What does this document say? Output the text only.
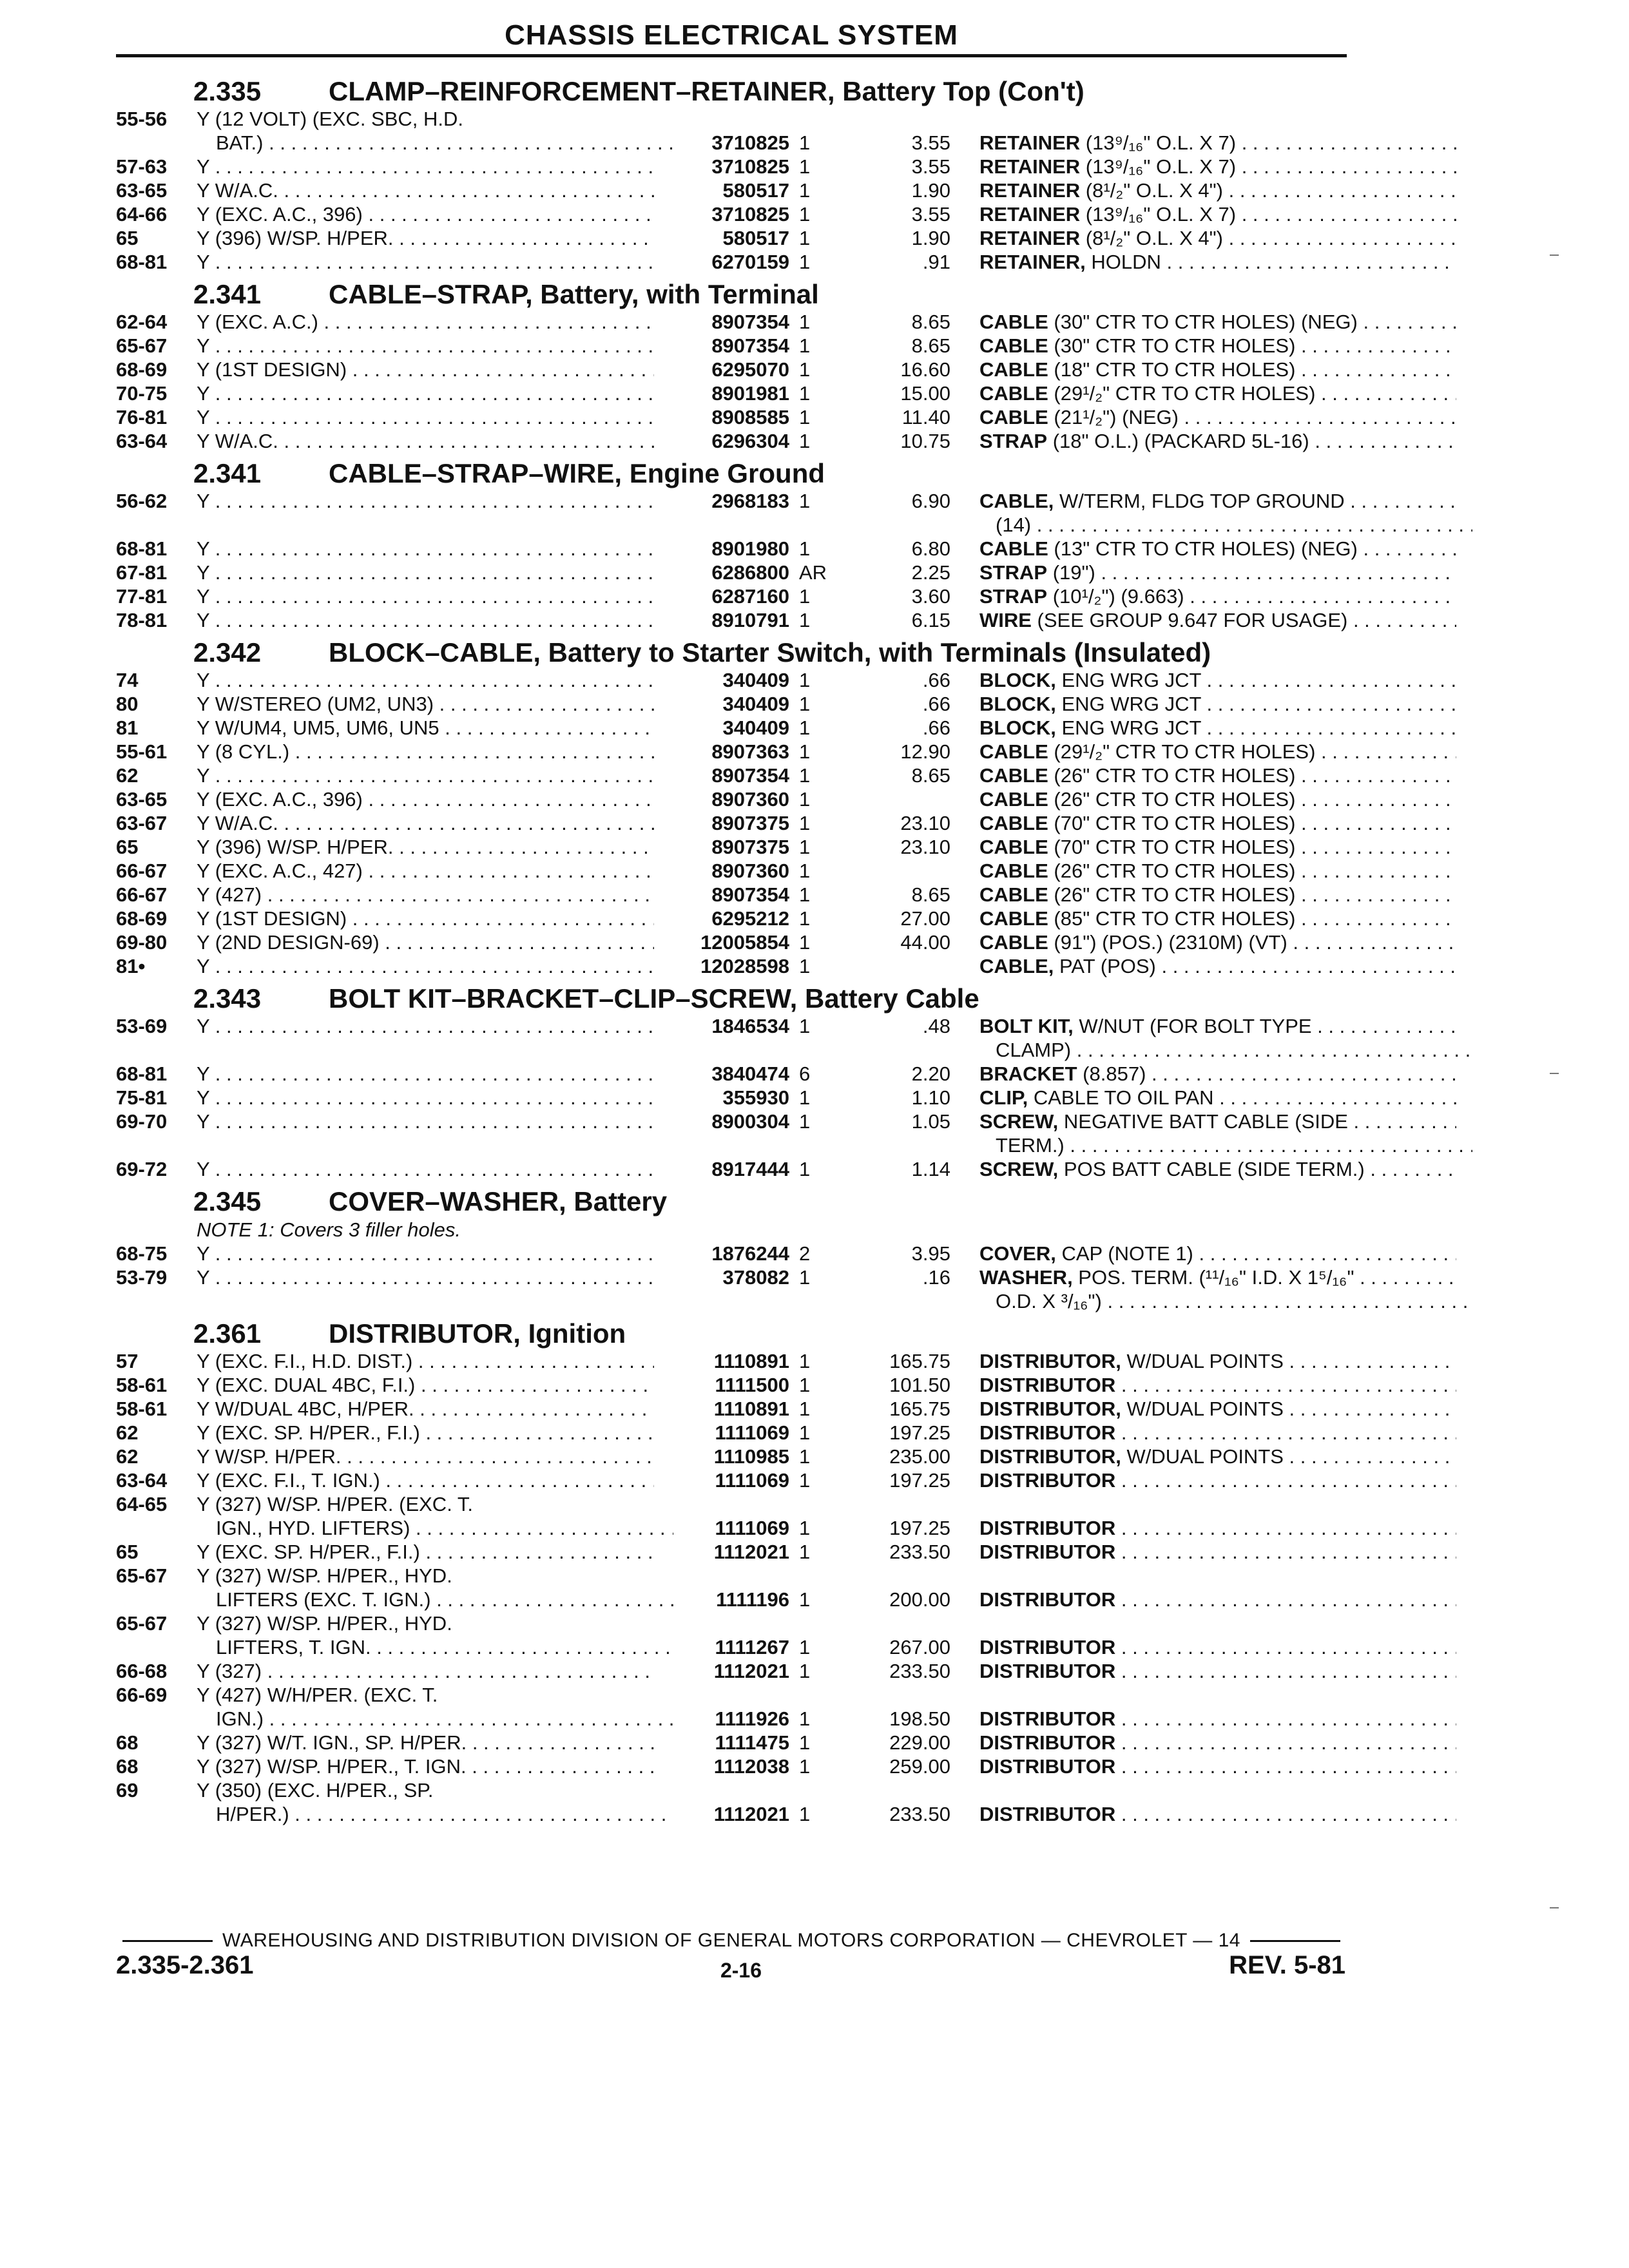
CHASSIS ELECTRICAL SYSTEM
2.335	CLAMP–REINFORCEMENT–RETAINER, Battery Top (Con't)
55-56 Y (12 VOLT) (EXC. SBC, H.D.
BAT.) . . .	3710825 1	3.55 RETAINER (13⁹/₁₆" O.L. X 7) . . .
57-63 Y . . .	3710825 1	3.55 RETAINER (13⁹/₁₆" O.L. X 7) . . .
63-65 Y W/A.C. . . .	580517 1	1.90 RETAINER (8¹/₂" O.L. X 4") . . .
64-66 Y (EXC. A.C., 396) . . .	3710825 1	3.55 RETAINER (13⁹/₁₆" O.L. X 7) . . .
65	Y (396) W/SP. H/PER. . . .	580517 1	1.90 RETAINER (8¹/₂" O.L. X 4") . . .
68-81 Y . . .	6270159 1	.91 RETAINER, HOLDN . . .
2.341	CABLE–STRAP, Battery, with Terminal
62-64 Y (EXC. A.C.) . . .	8907354 1	8.65 CABLE (30" CTR TO CTR HOLES) (NEG) . . .
65-67 Y . . .	8907354 1	8.65 CABLE (30" CTR TO CTR HOLES) . . .
68-69 Y (1ST DESIGN) . . .	6295070 1	16.60 CABLE (18" CTR TO CTR HOLES) . . .
70-75 Y . . .	8901981 1	15.00 CABLE (29¹/₂" CTR TO CTR HOLES) . . .
76-81 Y . . .	8908585 1	11.40 CABLE (21¹/₂") (NEG) . . .
63-64 Y W/A.C. . . .	6296304 1	10.75 STRAP (18" O.L.) (PACKARD 5L-16) . . .
2.341	CABLE–STRAP–WIRE, Engine Ground
56-62 Y . . .	2968183 1	6.90 CABLE, W/TERM, FLDG TOP GROUND . . .
(14) . . .
68-81 Y . . .	8901980 1	6.80 CABLE (13" CTR TO CTR HOLES) (NEG) . . .
67-81 Y . . .	6286800 AR	2.25 STRAP (19") . . .
77-81 Y . . .	6287160 1	3.60 STRAP (10¹/₂") (9.663) . . .
78-81 Y . . .	8910791 1	6.15 WIRE (SEE GROUP 9.647 FOR USAGE) . . .
2.342	BLOCK–CABLE, Battery to Starter Switch, with Terminals (Insulated)
74	Y . . .	340409 1	.66 BLOCK, ENG WRG JCT . . .
80	Y W/STEREO (UM2, UN3) . . .	340409 1	.66 BLOCK, ENG WRG JCT . . .
81	Y W/UM4, UM5, UM6, UN5 . . .	340409 1	.66 BLOCK, ENG WRG JCT . . .
55-61 Y (8 CYL.) . . .	8907363 1	12.90 CABLE (29¹/₂" CTR TO CTR HOLES) . . .
62	Y . . .	8907354 1	8.65 CABLE (26" CTR TO CTR HOLES) . . .
63-65 Y (EXC. A.C., 396) . . .	8907360 1	CABLE (26" CTR TO CTR HOLES) . . .
63-67 Y W/A.C. . . .	8907375 1	23.10 CABLE (70" CTR TO CTR HOLES) . . .
65	Y (396) W/SP. H/PER. . . .	8907375 1	23.10 CABLE (70" CTR TO CTR HOLES) . . .
66-67 Y (EXC. A.C., 427) . . .	8907360 1	CABLE (26" CTR TO CTR HOLES) . . .
66-67 Y (427) . . .	8907354 1	8.65 CABLE (26" CTR TO CTR HOLES) . . .
68-69 Y (1ST DESIGN) . . .	6295212 1	27.00 CABLE (85" CTR TO CTR HOLES) . . .
69-80 Y (2ND DESIGN-69) . . .	12005854 1	44.00 CABLE (91") (POS.) (2310M) (VT) . . .
81•	Y . . .	12028598 1	CABLE, PAT (POS) . . .
2.343	BOLT KIT–BRACKET–CLIP–SCREW, Battery Cable
53-69 Y . . .	1846534 1	.48 BOLT KIT, W/NUT (FOR BOLT TYPE . . .
CLAMP) . . .
68-81 Y . . .	3840474 6	2.20 BRACKET (8.857) . . .
75-81 Y . . .	355930 1	1.10 CLIP, CABLE TO OIL PAN . . .
69-70 Y . . .	8900304 1	1.05 SCREW, NEGATIVE BATT CABLE (SIDE . . .
TERM.) . . .
69-72 Y . . .	8917444 1	1.14 SCREW, POS BATT CABLE (SIDE TERM.) . . .
2.345	COVER–WASHER, Battery
NOTE 1: Covers 3 filler holes.
68-75 Y . . .	1876244 2	3.95 COVER, CAP (NOTE 1) . . .
53-79 Y . . .	378082 1	.16 WASHER, POS. TERM. (¹¹/₁₆" I.D. X 1⁵/₁₆" . . .
O.D. X ³/₁₆") . . .
2.361	DISTRIBUTOR, Ignition
57	Y (EXC. F.I., H.D. DIST.) . . .	1110891 1	165.75 DISTRIBUTOR, W/DUAL POINTS . . .
58-61 Y (EXC. DUAL 4BC, F.I.) . . .	1111500 1	101.50 DISTRIBUTOR . . .
58-61 Y W/DUAL 4BC, H/PER. . . .	1110891 1	165.75 DISTRIBUTOR, W/DUAL POINTS . . .
62	Y (EXC. SP. H/PER., F.I.) . . .	1111069 1	197.25 DISTRIBUTOR . . .
62	Y W/SP. H/PER. . . .	1110985 1	235.00 DISTRIBUTOR, W/DUAL POINTS . . .
63-64 Y (EXC. F.I., T. IGN.) . . .	1111069 1	197.25 DISTRIBUTOR . . .
64-65 Y (327) W/SP. H/PER. (EXC. T.
IGN., HYD. LIFTERS) . . .	1111069 1	197.25 DISTRIBUTOR . . .
65	Y (EXC. SP. H/PER., F.I.) . . .	1112021 1	233.50 DISTRIBUTOR . . .
65-67 Y (327) W/SP. H/PER., HYD.
LIFTERS (EXC. T. IGN.) . . .	1111196 1	200.00 DISTRIBUTOR . . .
65-67 Y (327) W/SP. H/PER., HYD.
LIFTERS, T. IGN. . . .	1111267 1	267.00 DISTRIBUTOR . . .
66-68 Y (327) . . .	1112021 1	233.50 DISTRIBUTOR . . .
66-69 Y (427) W/H/PER. (EXC. T.
IGN.) . . .	1111926 1	198.50 DISTRIBUTOR . . .
68	Y (327) W/T. IGN., SP. H/PER. . . .	1111475 1	229.00 DISTRIBUTOR . . .
68	Y (327) W/SP. H/PER., T. IGN. . . .	1112038 1	259.00 DISTRIBUTOR . . .
69	Y (350) (EXC. H/PER., SP.
H/PER.) . . .	1112021 1	233.50 DISTRIBUTOR . . .
WAREHOUSING AND DISTRIBUTION DIVISION OF GENERAL MOTORS CORPORATION — CHEVROLET — 14
2.335-2.361	2-16	REV. 5-81
